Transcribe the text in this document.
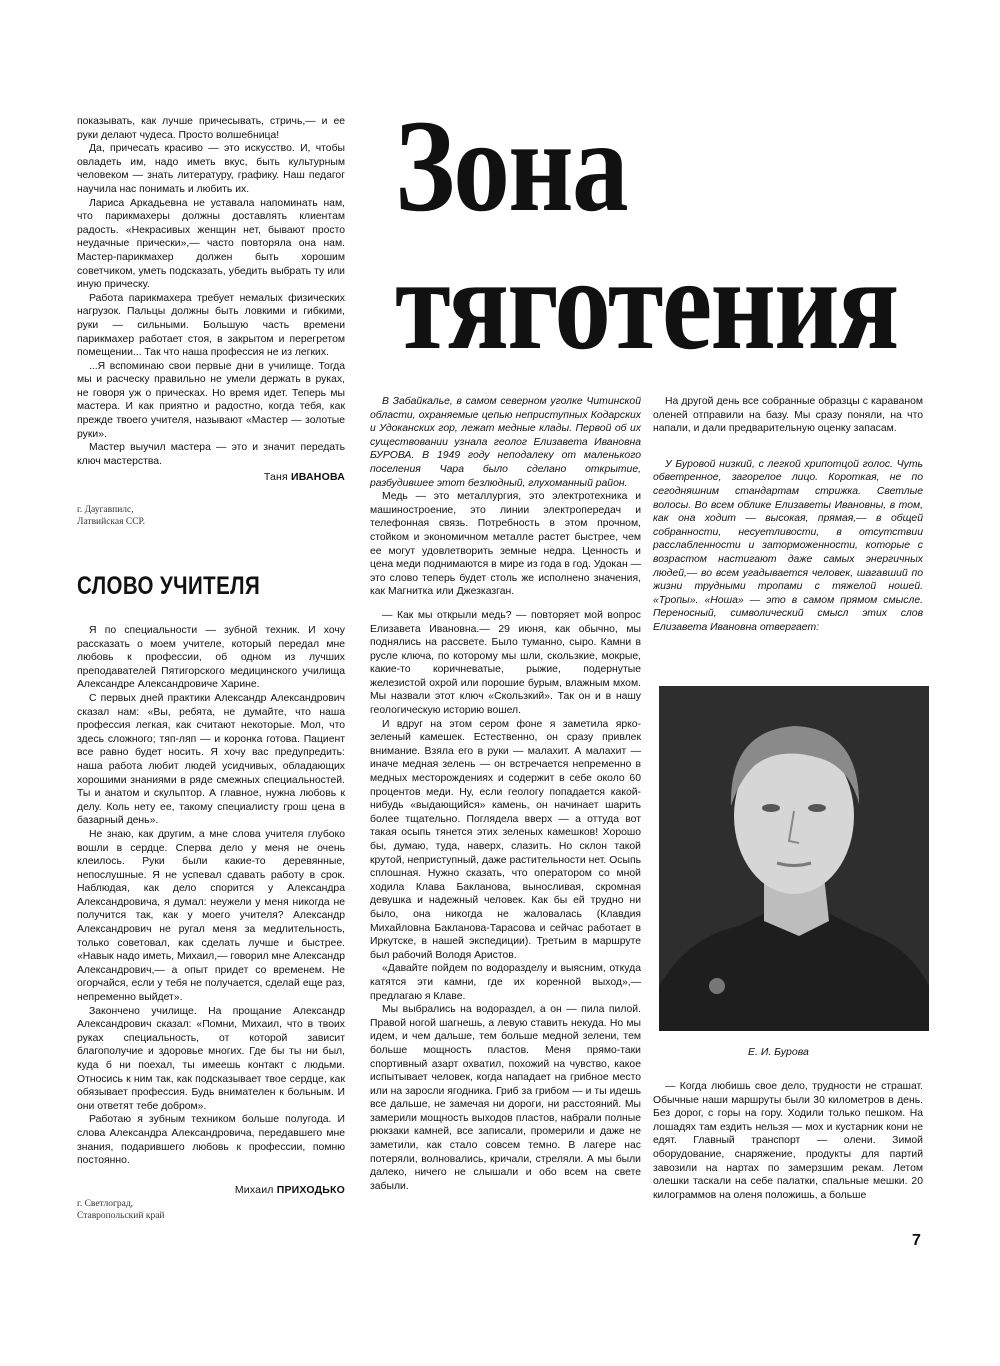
показывать, как лучше причесывать, стричь,— и ее руки делают чудеса. Просто волшебница!

Да, причесать красиво — это искусство. И, чтобы овладеть им, надо иметь вкус, быть культурным человеком — знать литературу, графику. Наш педагог научила нас понимать и любить их.

Лариса Аркадьевна не уставала напоминать нам, что парикмахеры должны доставлять клиентам радость. «Некрасивых женщин нет, бывают просто неудачные прически»,— часто повторяла она нам. Мастер-парикмахер должен быть хорошим советчиком, уметь подсказать, убедить выбрать ту или иную прическу.

Работа парикмахера требует немалых физических нагрузок. Пальцы должны быть ловкими и гибкими, руки — сильными. Большую часть времени парикмахер работает стоя, в закрытом и перегретом помещении... Так что наша профессия не из легких.

...Я вспоминаю свои первые дни в училище. Тогда мы и расческу правильно не умели держать в руках, не говоря уж о прическах. Но время идет. Теперь мы мастера. И как приятно и радостно, когда тебя, как прежде твоего учителя, называют «Мастер — золотые руки».

Мастер выучил мастера — это и значит передать ключ мастерства.

Таня ИВАНОВА
г. Даугавпилс,
Латвийская ССР.
СЛОВО УЧИТЕЛЯ

Я по специальности — зубной техник. И хочу рассказать о моем учителе, который передал мне любовь к профессии, об одном из лучших преподавателей Пятигорского медицинского училища Александре Александровиче Харине.

С первых дней практики Александр Александрович сказал нам: «Вы, ребята, не думайте, что наша профессия легкая, как считают некоторые. Мол, что здесь сложного; тяп-ляп — и коронка готова. Пациент все равно будет носить. Я хочу вас предупредить: наша работа любит людей усидчивых, обладающих хорошими знаниями в ряде смежных специальностей. Ты и анатом и скульптор. А главное, нужна любовь к делу. Коль нету ее, такому специалисту грош цена в базарный день».

Не знаю, как другим, а мне слова учителя глубоко вошли в сердце. Сперва дело у меня не очень клеилось. Руки были какие-то деревянные, непослушные. Я не успевал сдавать работу в срок. Наблюдая, как дело спорится у Александра Александровича, я думал: неужели у меня никогда не получится так, как у моего учителя? Александр Александрович не ругал меня за медлительность, только советовал, как сделать лучше и быстрее. «Навык надо иметь, Михаил,— говорил мне Александр Александрович,— а опыт придет со временем. Не огорчайся, если у тебя не получается, сделай еще раз, непременно выйдет».

Закончено училище. На прощание Александр Александрович сказал: «Помни, Михаил, что в твоих руках специальность, от которой зависит благополучие и здоровье многих. Где бы ты ни был, куда б ни поехал, ты имеешь контакт с людьми. Относись к ним так, как подсказывает твое сердце, как обязывает профессия. Будь внимателен к больным. И они ответят тебе добром».

Работаю я зубным техником больше полугода. И слова Александра Александровича, передавшего мне знания, подарившего любовь к профессии, помню постоянно.

Михаил ПРИХОДЬКО
г. Светлоград,
Ставропольский край
Зона
тяготения

В Забайкалье, в самом северном уголке Читинской области, охраняемые цепью неприступных Кодарских и Удоканских гор, лежат медные клады. Первой об их существовании узнала геолог Елизавета Ивановна БУРОВА. В 1949 году неподалеку от маленького поселения Чара было сделано открытие, разбудившее этот безлюдный, глухоманный район.

Медь — это металлургия, это электротехника и машиностроение, это линии электропередач и телефонная связь. Потребность в этом прочном, стойком и экономичном металле растет быстрее, чем ее могут удовлетворить земные недра. Ценность и цена меди поднимаются в мире из года в год. Удокан — это слово теперь будет столь же исполнено значения, как Магнитка или Джезказган.

— Как мы открыли медь? — повторяет мой вопрос Елизавета Ивановна.— 29 июня, как обычно, мы поднялись на рассвете. Было туманно, сыро. Камни в русле ключа, по которому мы шли, скользкие, мокрые, какие-то коричневатые, рыжие, подернутые железистой охрой или порошие бурым, влажным мхом. Мы назвали этот ключ «Скользкий». Так он и в нашу геологическую историю вошел.

И вдруг на этом сером фоне я заметила ярко-зеленый камешек. Естественно, он сразу привлек внимание. Взяла его в руки — малахит. А малахит — иначе медная зелень — он встречается непременно в медных месторождениях и содержит в себе около 60 процентов меди. Ну, если геологу попадается какой-нибудь «выдающийся» камень, он начинает шарить более тщательно. Поглядела вверх — а оттуда вот такая осыпь тянется этих зеленых камешков! Хорошо бы, думаю, туда, наверх, слазить. Но склон такой крутой, неприступный, даже растительности нет. Осыпь сплошная. Нужно сказать, что оператором со мной ходила Клава Бакланова, выносливая, скромная девушка и надежный человек. Как бы ей трудно ни было, она никогда не жаловалась (Клавдия Михайловна Бакланова-Тарасова и сейчас работает в Иркутске, в нашей экспедиции). Третьим в маршруте был рабочий Володя Аристов.

«Давайте пойдем по водоразделу и выясним, откуда катятся эти камни, где их коренной выход»,— предлагаю я Клаве.

Мы выбрались на водораздел, а он — пила пилой. Правой ногой шагнешь, а левую ставить некуда. Но мы идем, и чем дальше, тем больше медной зелени, тем больше мощность пластов. Меня прямо-таки спортивный азарт охватил, похожий на чувство, какое испытывает человек, когда нападает на грибное место или на заросли ягодника. Гриб за грибом — и ты идешь все дальше, не замечая ни дороги, ни расстояний. Мы замерили мощность выходов пластов, набрали полные рюкзаки камней, все записали, промерили и даже не заметили, как стало совсем темно. В лагере нас потеряли, волновались, кричали, стреляли. А мы были далеко, ничего не слышали и обо всем на свете забыли.

На другой день все собранные образцы с караваном оленей отправили на базу. Мы сразу поняли, на что напали, и дали предварительную оценку запасам.

У Буровой низкий, с легкой хрипотцой голос. Чуть обветренное, загорелое лицо. Короткая, не по сегодняшним стандартам стрижка. Светлые волосы. Во всем облике Елизаветы Ивановны, в том, как она ходит — высокая, прямая,— в общей собранности, несуетливости, в отсутствии расслабленности и заторможенности, которые с возрастом настигают даже самых энергичных людей,— во всем угадывается человек, шагавший по жизни трудными тропами с тяжелой ношей. «Тропы». «Ноша» — это в самом прямом смысле. Переносный, символический смысл этих слов Елизавета Ивановна отвергает:

Е. И. Бурова

— Когда любишь свое дело, трудности не страшат. Обычные наши маршруты были 30 километров в день. Без дорог, с горы на гору. Ходили только пешком. На лошадях там ездить нельзя — мох и кустарник кони не едят. Главный транспорт — олени. Зимой оборудование, снаряжение, продукты для партий завозили на нартах по замерзшим рекам. Летом олешки таскали на себе палатки, спальные мешки. 20 килограммов на оленя положишь, а больше

7
